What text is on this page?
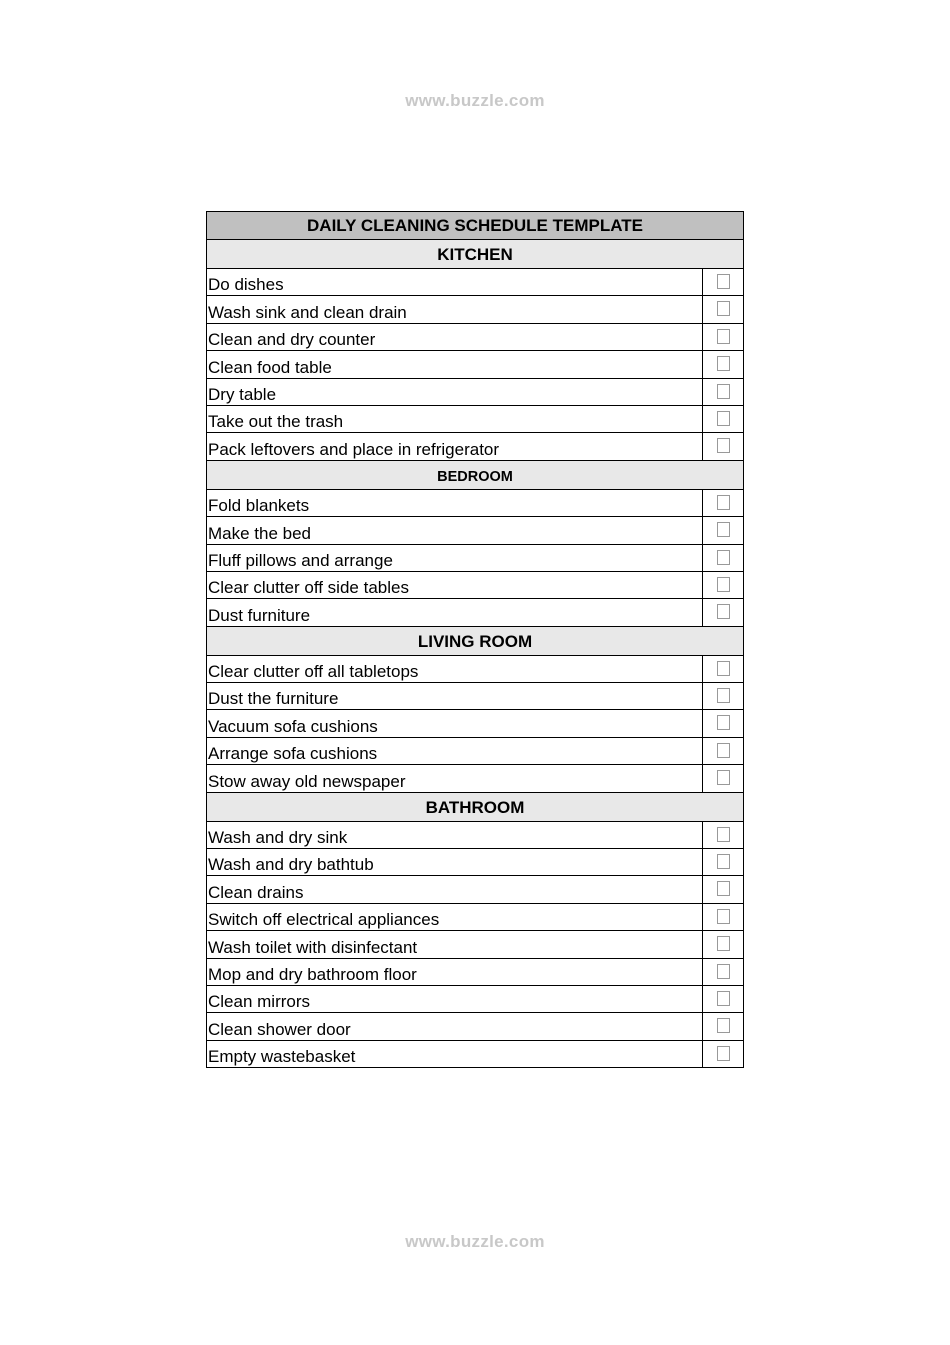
www.buzzle.com
DAILY CLEANING SCHEDULE TEMPLATE	
KITCHEN	
Do dishes	
Wash sink and clean drain	
Clean and dry counter	
Clean food table	
Dry table	
Take out the trash	
Pack leftovers and place in refrigerator	
BEDROOM	
Fold blankets	
Make the bed	
Fluff pillows and arrange	
Clear clutter off side tables	
Dust furniture	
LIVING ROOM	
Clear clutter off all tabletops	
Dust the furniture	
Vacuum sofa cushions	
Arrange sofa cushions	
Stow away old newspaper	
BATHROOM	
Wash and dry sink	
Wash and dry bathtub	
Clean drains	
Switch off electrical appliances	
Wash toilet with disinfectant	
Mop and dry bathroom floor	
Clean mirrors	
Clean shower door	
Empty wastebasket	
www.buzzle.com
